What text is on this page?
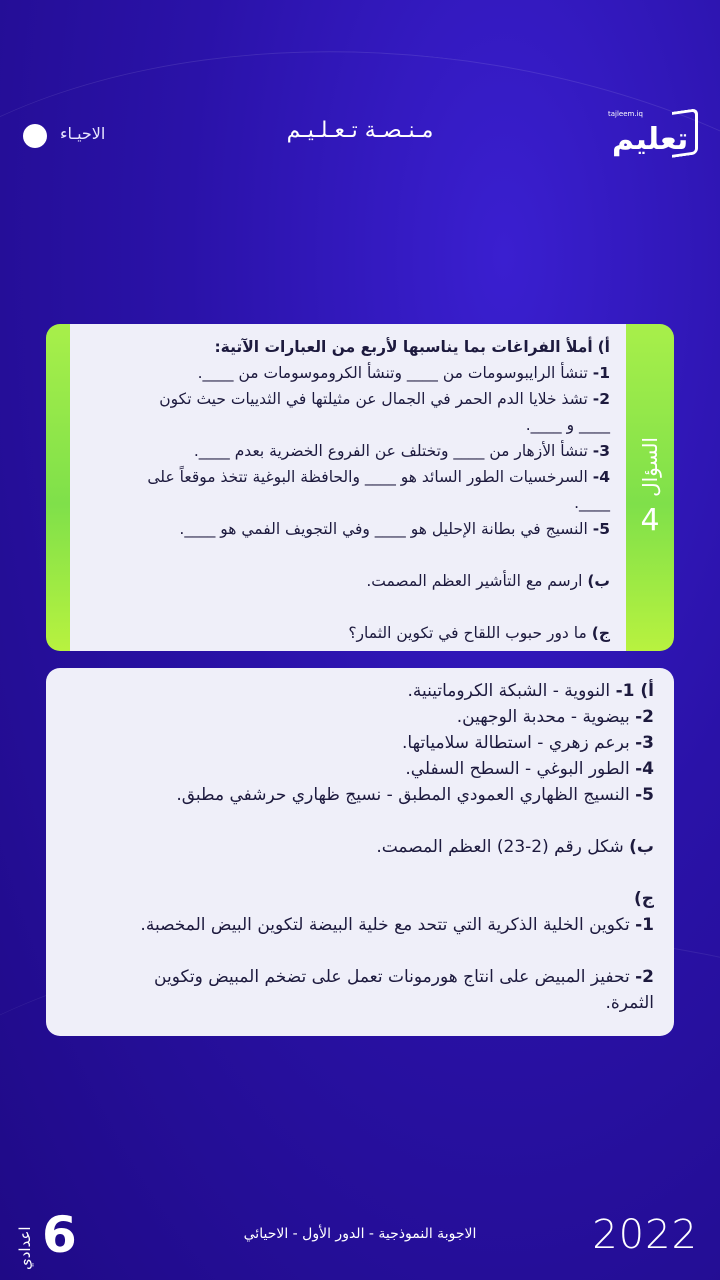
الاحيـاء	مـنـصـة تـعـلـيـم
tajleem.iq
تعليم
أ) أملأ الفراغات بما يناسبها لأربع من العبارات الآتية:
1- تنشأ الرايبوسومات من ____ وتنشأ الكروموسومات من ____.
2- تشذ خلايا الدم الحمر في الجمال عن مثيلتها في الثدييات حيث تكون
____ و ____.
3- تنشأ الأزهار من ____ وتختلف عن الفروع الخضرية بعدم ____.
4- السرخسيات الطور السائد هو ____ والحافظة البوغية تتخذ موقعاً على
____.
5- النسيج في بطانة الإحليل هو ____ وفي التجويف الفمي هو ____.
ب) ارسم مع التأشير العظم المصمت.
ج) ما دور حبوب اللقاح في تكوين الثمار؟
السؤال
4
أ) 1- النووية - الشبكة الكروماتينية.
2- بيضوية - محدبة الوجهين.
3- برعم زهري - استطالة سلامياتها.
4- الطور البوغي - السطح السفلي.
5- النسيج الظهاري العمودي المطبق - نسيج ظهاري حرشفي مطبق.
ب) شكل رقم (2-23) العظم المصمت.
ج)
1- تكوين الخلية الذكرية التي تتحد مع خلية البيضة لتكوين البيض المخصبة.
2- تحفيز المبيض على انتاج هورمونات تعمل على تضخم المبيض وتكوين
الثمرة.
2022
الاجوبة النموذجية - الدور الأول - الاحيائي
6
اعدادي
